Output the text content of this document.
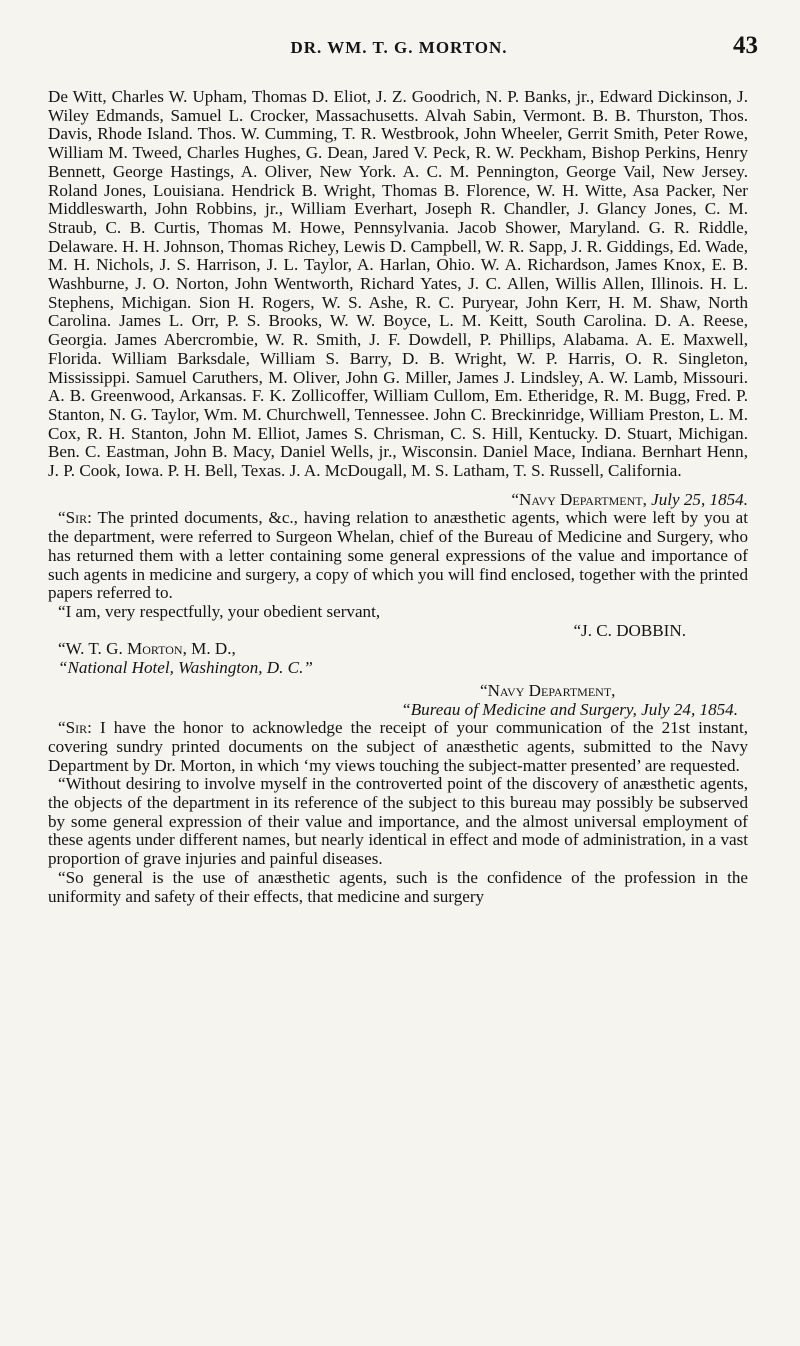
DR. WM. T. G. MORTON.	43

De Witt, Charles W. Upham, Thomas D. Eliot, J. Z. Goodrich, N. P. Banks, jr., Edward Dickinson, J. Wiley Edmands, Samuel L. Crocker, Massachusetts. Alvah Sabin, Vermont. B. B. Thurston, Thos. Davis, Rhode Island. Thos. W. Cumming, T. R. Westbrook, John Wheeler, Gerrit Smith, Peter Rowe, William M. Tweed, Charles Hughes, G. Dean, Jared V. Peck, R. W. Peckham, Bishop Perkins, Henry Bennett, George Hastings, A. Oliver, New York. A. C. M. Pennington, George Vail, New Jersey. Roland Jones, Louisiana. Hendrick B. Wright, Thomas B. Florence, W. H. Witte, Asa Packer, Ner Middleswarth, John Robbins, jr., William Everhart, Joseph R. Chandler, J. Glancy Jones, C. M. Straub, C. B. Curtis, Thomas M. Howe, Pennsylvania. Jacob Shower, Maryland. G. R. Riddle, Delaware. H. H. Johnson, Thomas Richey, Lewis D. Campbell, W. R. Sapp, J. R. Giddings, Ed. Wade, M. H. Nichols, J. S. Harrison, J. L. Taylor, A. Harlan, Ohio. W. A. Richardson, James Knox, E. B. Washburne, J. O. Norton, John Wentworth, Richard Yates, J. C. Allen, Willis Allen, Illinois. H. L. Stephens, Michigan. Sion H. Rogers, W. S. Ashe, R. C. Puryear, John Kerr, H. M. Shaw, North Carolina. James L. Orr, P. S. Brooks, W. W. Boyce, L. M. Keitt, South Carolina. D. A. Reese, Georgia. James Abercrombie, W. R. Smith, J. F. Dowdell, P. Phillips, Alabama. A. E. Maxwell, Florida. William Barksdale, William S. Barry, D. B. Wright, W. P. Harris, O. R. Singleton, Mississippi. Samuel Caruthers, M. Oliver, John G. Miller, James J. Lindsley, A. W. Lamb, Missouri. A. B. Greenwood, Arkansas. F. K. Zollicoffer, William Cullom, Em. Etheridge, R. M. Bugg, Fred. P. Stanton, N. G. Taylor, Wm. M. Churchwell, Tennessee. John C. Breckinridge, William Preston, L. M. Cox, R. H. Stanton, John M. Elliot, James S. Chrisman, C. S. Hill, Kentucky. D. Stuart, Michigan. Ben. C. Eastman, John B. Macy, Daniel Wells, jr., Wisconsin. Daniel Mace, Indiana. Bernhart Henn, J. P. Cook, Iowa. P. H. Bell, Texas. J. A. McDougall, M. S. Latham, T. S. Russell, California.

“Navy Department, July 25, 1854.

“Sir: The printed documents, &c., having relation to anæsthetic agents, which were left by you at the department, were referred to Surgeon Whelan, chief of the Bureau of Medicine and Surgery, who has returned them with a letter containing some general expressions of the value and importance of such agents in medicine and surgery, a copy of which you will find enclosed, together with the printed papers referred to.

“I am, very respectfully, your obedient servant,

“J. C. DOBBIN.

“W. T. G. Morton, M. D.,

“National Hotel, Washington, D. C.”

“Navy Department,

“Bureau of Medicine and Surgery, July 24, 1854.

“Sir: I have the honor to acknowledge the receipt of your communication of the 21st instant, covering sundry printed documents on the subject of anæsthetic agents, submitted to the Navy Department by Dr. Morton, in which ‘my views touching the subject-matter presented’ are requested.

“Without desiring to involve myself in the controverted point of the discovery of anæsthetic agents, the objects of the department in its reference of the subject to this bureau may possibly be subserved by some general expression of their value and importance, and the almost universal employment of these agents under different names, but nearly identical in effect and mode of administration, in a vast proportion of grave injuries and painful diseases.

“So general is the use of anæsthetic agents, such is the confidence of the profession in the uniformity and safety of their effects, that medicine and surgery
